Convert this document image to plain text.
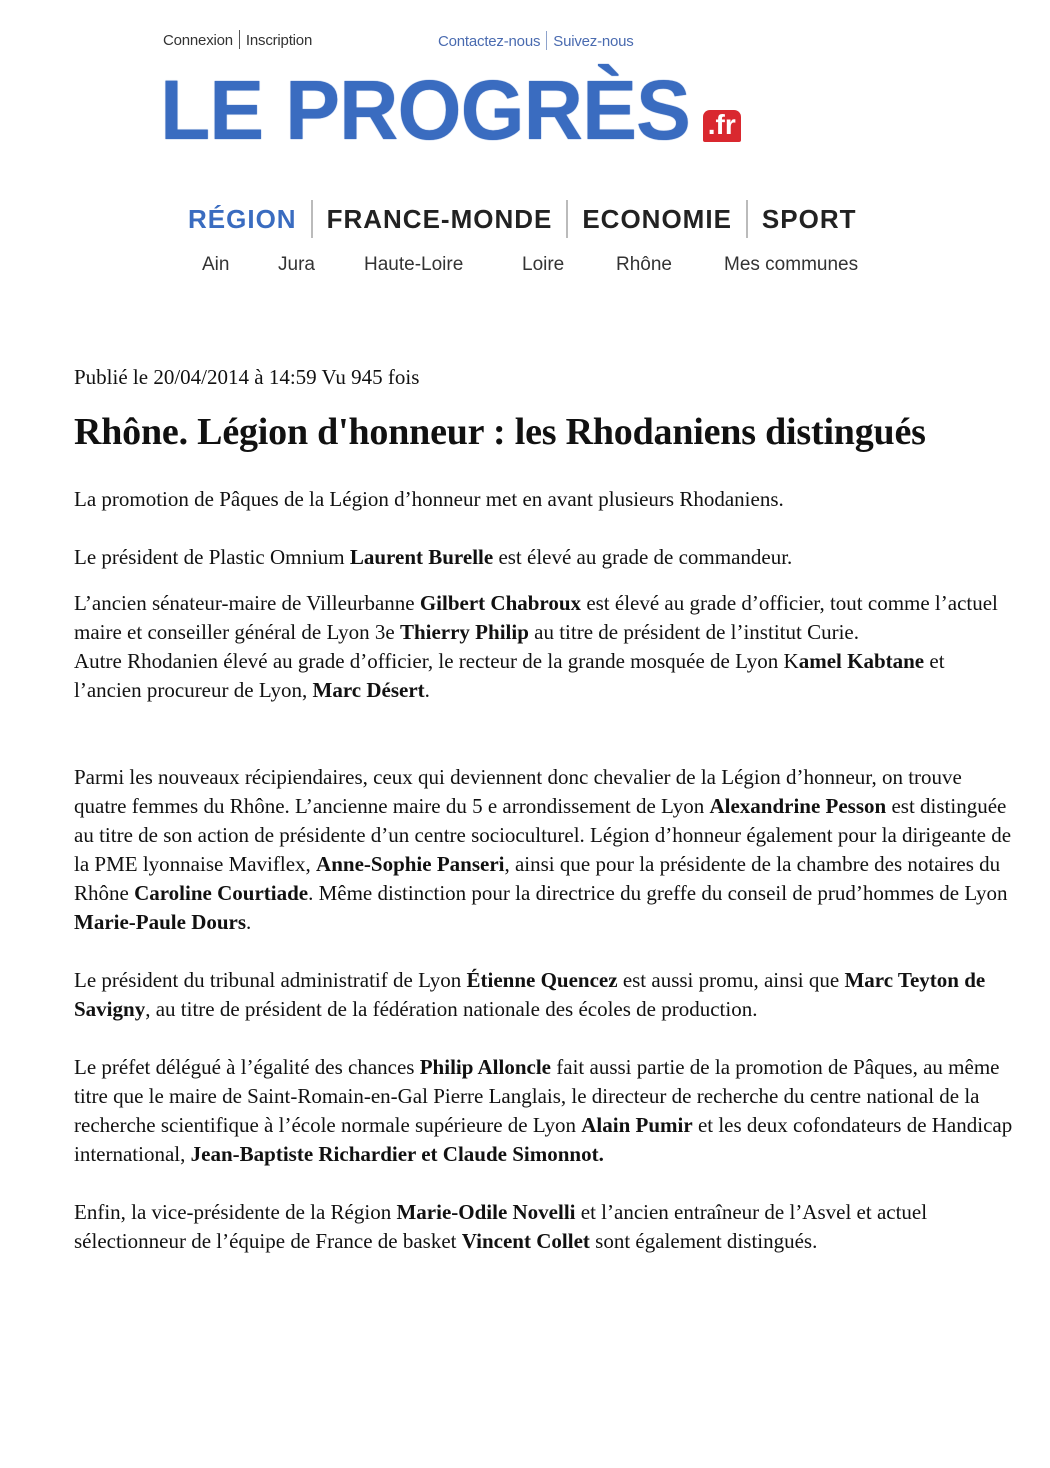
Connexion Inscription	Contactez-nous Suivez-nous
LE PROGRÈS .fr
RÉGION FRANCE-MONDE ECONOMIE SPORT
Ain	Jura	Haute-Loire	Loire	Rhône	Mes communes

Publié le 20/04/2014 à 14:59 Vu 945 fois

Rhône. Légion d'honneur : les Rhodaniens distingués

La promotion de Pâques de la Légion d’honneur met en avant plusieurs Rhodaniens.

Le président de Plastic Omnium Laurent Burelle est élevé au grade de commandeur.

L’ancien sénateur-maire de Villeurbanne Gilbert Chabroux est élevé au grade d’officier, tout comme l’actuel maire et conseiller général de Lyon 3e Thierry Philip au titre de président de l’institut Curie.

Autre Rhodanien élevé au grade d’officier, le recteur de la grande mosquée de Lyon Kamel Kabtane et l’ancien procureur de Lyon, Marc Désert.

Parmi les nouveaux récipiendaires, ceux qui deviennent donc chevalier de la Légion d’honneur, on trouve quatre femmes du Rhône. L’ancienne maire du 5 e arrondissement de Lyon Alexandrine Pesson est distinguée au titre de son action de présidente d’un centre socioculturel. Légion d’honneur également pour la dirigeante de la PME lyonnaise Maviflex, Anne-Sophie Panseri, ainsi que pour la présidente de la chambre des notaires du Rhône Caroline Courtiade. Même distinction pour la directrice du greffe du conseil de prud’hommes de Lyon Marie-Paule Dours.

Le président du tribunal administratif de Lyon Étienne Quencez est aussi promu, ainsi que Marc Teyton de Savigny, au titre de président de la fédération nationale des écoles de production.

Le préfet délégué à l’égalité des chances Philip Alloncle fait aussi partie de la promotion de Pâques, au même titre que le maire de Saint-Romain-en-Gal Pierre Langlais, le directeur de recherche du centre national de la recherche scientifique à l’école normale supérieure de Lyon Alain Pumir et les deux cofondateurs de Handicap international, Jean-Baptiste Richardier et Claude Simonnot.

Enfin, la vice-présidente de la Région Marie-Odile Novelli et l’ancien entraîneur de l’Asvel et actuel sélectionneur de l’équipe de France de basket Vincent Collet sont également distingués.
